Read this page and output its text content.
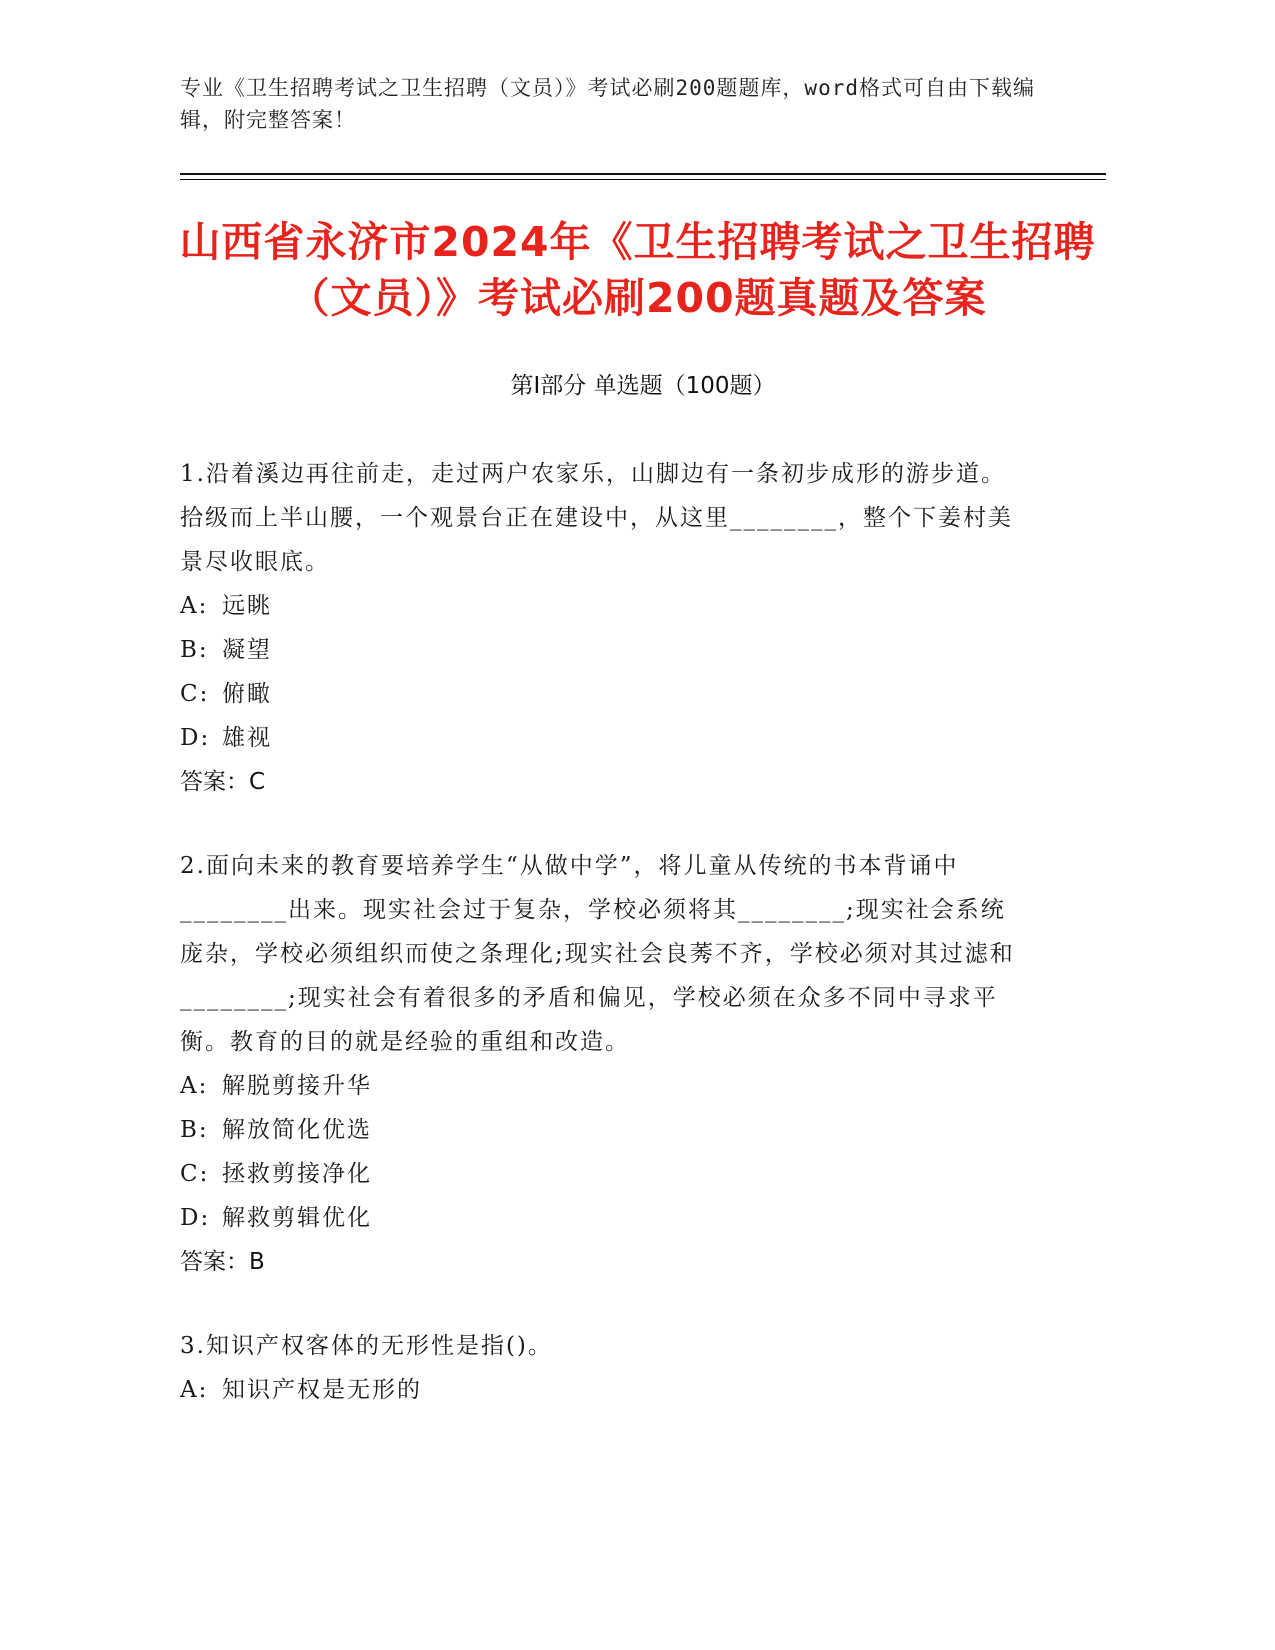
专业《卫生招聘考试之卫生招聘（文员）》考试必刷200题题库，word格式可自由下载编辑，附完整答案！
山西省永济市2024年《卫生招聘考试之卫生招聘（文员）》考试必刷200题真题及答案
第Ⅰ部分 单选题（100题）

1.沿着溪边再往前走，走过两户农家乐，山脚边有一条初步成形的游步道。拾级而上半山腰，一个观景台正在建设中，从这里________，整个下姜村美景尽收眼底。

A: 远眺

B: 凝望

C: 俯瞰

D: 雄视

答案：C

2.面向未来的教育要培养学生“从做中学”，将儿童从传统的书本背诵中________出来。现实社会过于复杂，学校必须将其________;现实社会系统庞杂，学校必须组织而使之条理化;现实社会良莠不齐，学校必须对其过滤和________;现实社会有着很多的矛盾和偏见，学校必须在众多不同中寻求平衡。教育的目的就是经验的重组和改造。

A: 解脱剪接升华

B: 解放简化优选

C: 拯救剪接净化

D: 解救剪辑优化

答案：B

3.知识产权客体的无形性是指()。

A: 知识产权是无形的
